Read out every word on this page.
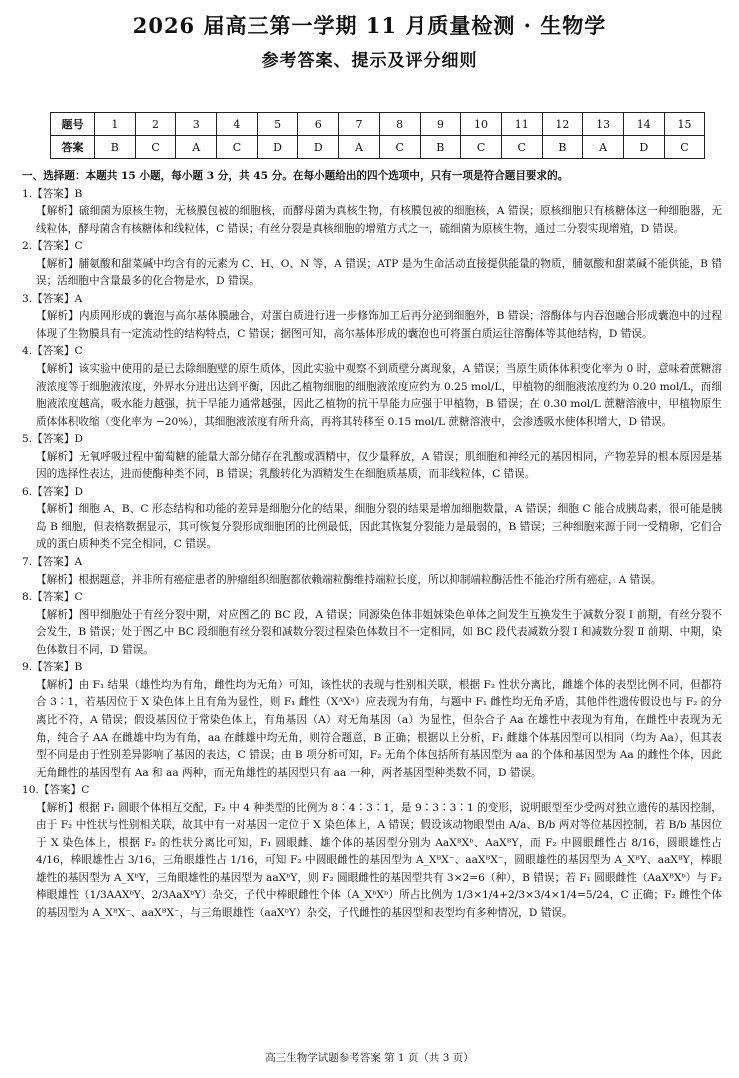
2026 届高三第一学期 11 月质量检测 · 生物学
参考答案、提示及评分细则
题号	1	2	3	4	5	6	7	8	9	10	11	12	13	14	15
答案	B	C	A	C	D	D	A	C	B	C	C	B	A	D	C

一、选择题：本题共 15 小题，每小题 3 分，共 45 分。在每小题给出的四个选项中，只有一项是符合题目要求的。

1.【答案】B

【解析】硫细菌为原核生物，无核膜包被的细胞核，而酵母菌为真核生物，有核膜包被的细胞核，A 错误；原核细胞只有核糖体这一种细胞器，无线粒体，酵母菌含有核糖体和线粒体，C 错误；有丝分裂是真核细胞的增殖方式之一，硫细菌为原核生物，通过二分裂实现增殖，D 错误。

2.【答案】C

【解析】脯氨酸和甜菜碱中均含有的元素为 C、H、O、N 等，A 错误；ATP 是为生命活动直接提供能量的物质，脯氨酸和甜菜碱不能供能，B 错误；活细胞中含量最多的化合物是水，D 错误。

3.【答案】A

【解析】内质网形成的囊泡与高尔基体膜融合，对蛋白质进行进一步修饰加工后再分泌到细胞外，B 错误；溶酶体与内吞泡融合形成囊泡中的过程体现了生物膜具有一定流动性的结构特点，C 错误；据图可知，高尔基体形成的囊泡也可将蛋白质运往溶酶体等其他结构，D 错误。

4.【答案】C

【解析】该实验中使用的是已去除细胞壁的原生质体，因此实验中观察不到质壁分离现象，A 错误；当原生质体体积变化率为 0 时，意味着蔗糖溶液浓度等于细胞液浓度，外界水分进出达到平衡，因此乙植物细胞的细胞液浓度应约为 0.25 mol/L，甲植物的细胞液浓度约为 0.20 mol/L，而细胞液浓度越高，吸水能力越强，抗干旱能力通常越强，因此乙植物的抗干旱能力应强于甲植物，B 错误；在 0.30 mol/L 蔗糖溶液中，甲植物原生质体体积收缩（变化率为 −20%），其细胞液浓度有所升高，再将其转移至 0.15 mol/L 蔗糖溶液中，会渗透吸水使体积增大，D 错误。

5.【答案】D

【解析】无氧呼吸过程中葡萄糖的能量大部分储存在乳酸或酒精中，仅少量释放，A 错误；肌细胞和神经元的基因相同，产物差异的根本原因是基因的选择性表达，进而使酶种类不同，B 错误；乳酸转化为酒精发生在细胞质基质，而非线粒体，C 错误。

6.【答案】D

【解析】细胞 A、B、C 形态结构和功能的差异是细胞分化的结果，细胞分裂的结果是增加细胞数量，A 错误；细胞 C 能合成胰岛素，很可能是胰岛 B 细胞，但表格数据显示，其可恢复分裂形成细胞团的比例最低，因此其恢复分裂能力是最弱的，B 错误；三种细胞来源于同一受精卵，它们合成的蛋白质种类不完全相同，C 错误。

7.【答案】A

【解析】根据题意，并非所有癌症患者的肿瘤组织细胞都依赖端粒酶维持端粒长度，所以抑制端粒酶活性不能治疗所有癌症，A 错误。

8.【答案】C

【解析】图甲细胞处于有丝分裂中期，对应图乙的 BC 段，A 错误；同源染色体非姐妹染色单体之间发生互换发生于减数分裂 Ⅰ 前期，有丝分裂不会发生，B 错误；处于图乙中 BC 段细胞有丝分裂和减数分裂过程染色体数目不一定相同，如 BC 段代表减数分裂 Ⅰ 和减数分裂 Ⅱ 前期、中期，染色体数目不同，D 错误。

9.【答案】B

【解析】由 F₁ 结果（雄性均为有角，雌性均为无角）可知，该性状的表现与性别相关联，根据 F₂ 性状分离比，雌雄个体的表型比例不同，但都符合 3∶1，若基因位于 X 染色体上且有角为显性，则 F₁ 雌性（XᴬXᵃ）应表现为有角，与题中 F₁ 雌性均无角矛盾，其他伴性遗传假设也与 F₂ 的分离比不符，A 错误；假设基因位于常染色体上，有角基因（A）对无角基因（a）为显性，但杂合子 Aa 在雄性中表现为有角，在雌性中表现为无角，纯合子 AA 在雌雄中均为有角，aa 在雌雄中均无角，则符合题意，B 正确；根据以上分析，F₁ 雌雄个体基因型可以相同（均为 Aa），但其表型不同是由于性别差异影响了基因的表达，C 错误；由 B 项分析可知，F₂ 无角个体包括所有基因型为 aa 的个体和基因型为 Aa 的雌性个体，因此无角雌性的基因型有 Aa 和 aa 两种，而无角雄性的基因型只有 aa 一种，两者基因型种类数不同，D 错误。

10.【答案】C

【解析】根据 F₁ 圆眼个体相互交配，F₂ 中 4 种类型的比例为 8∶4∶3∶1，是 9∶3∶3∶1 的变形，说明眼型至少受两对独立遗传的基因控制，由于 F₂ 中性状与性别相关联，故其中有一对基因一定位于 X 染色体上，A 错误；假设该动物眼型由 A/a、B/b 两对等位基因控制，若 B/b 基因位于 X 染色体上，根据 F₂ 的性状分离比可知，F₁ 圆眼雌、雄个体的基因型分别为 AaXᴮXᵇ、AaXᴮY，而 F₂ 中圆眼雌性占 8/16，圆眼雄性占 4/16，棒眼雄性占 3/16，三角眼雄性占 1/16，可知 F₂ 中圆眼雌性的基因型为 A_XᴮX⁻、aaXᴮX⁻，圆眼雄性的基因型为 A_XᴮY、aaXᴮY，棒眼雄性的基因型为 A_XᵇY，三角眼雄性的基因型为 aaXᵇY，则 F₂ 圆眼雌性的基因型共有 3×2=6（种），B 错误；若 F₁ 圆眼雌性（AaXᴮXᵇ）与 F₂ 棒眼雄性（1/3AAXᵇY、2/3AaXᵇY）杂交，子代中棒眼雌性个体（A_XᵇXᵇ）所占比例为 1/3×1/4+2/3×3/4×1/4=5/24，C 正确；F₂ 雌性个体的基因型为 A_XᴮX⁻、aaXᴮX⁻，与三角眼雄性（aaXᵇY）杂交，子代雌性的基因型和表型均有多种情况，D 错误。

高三生物学试题参考答案 第 1 页（共 3 页）
